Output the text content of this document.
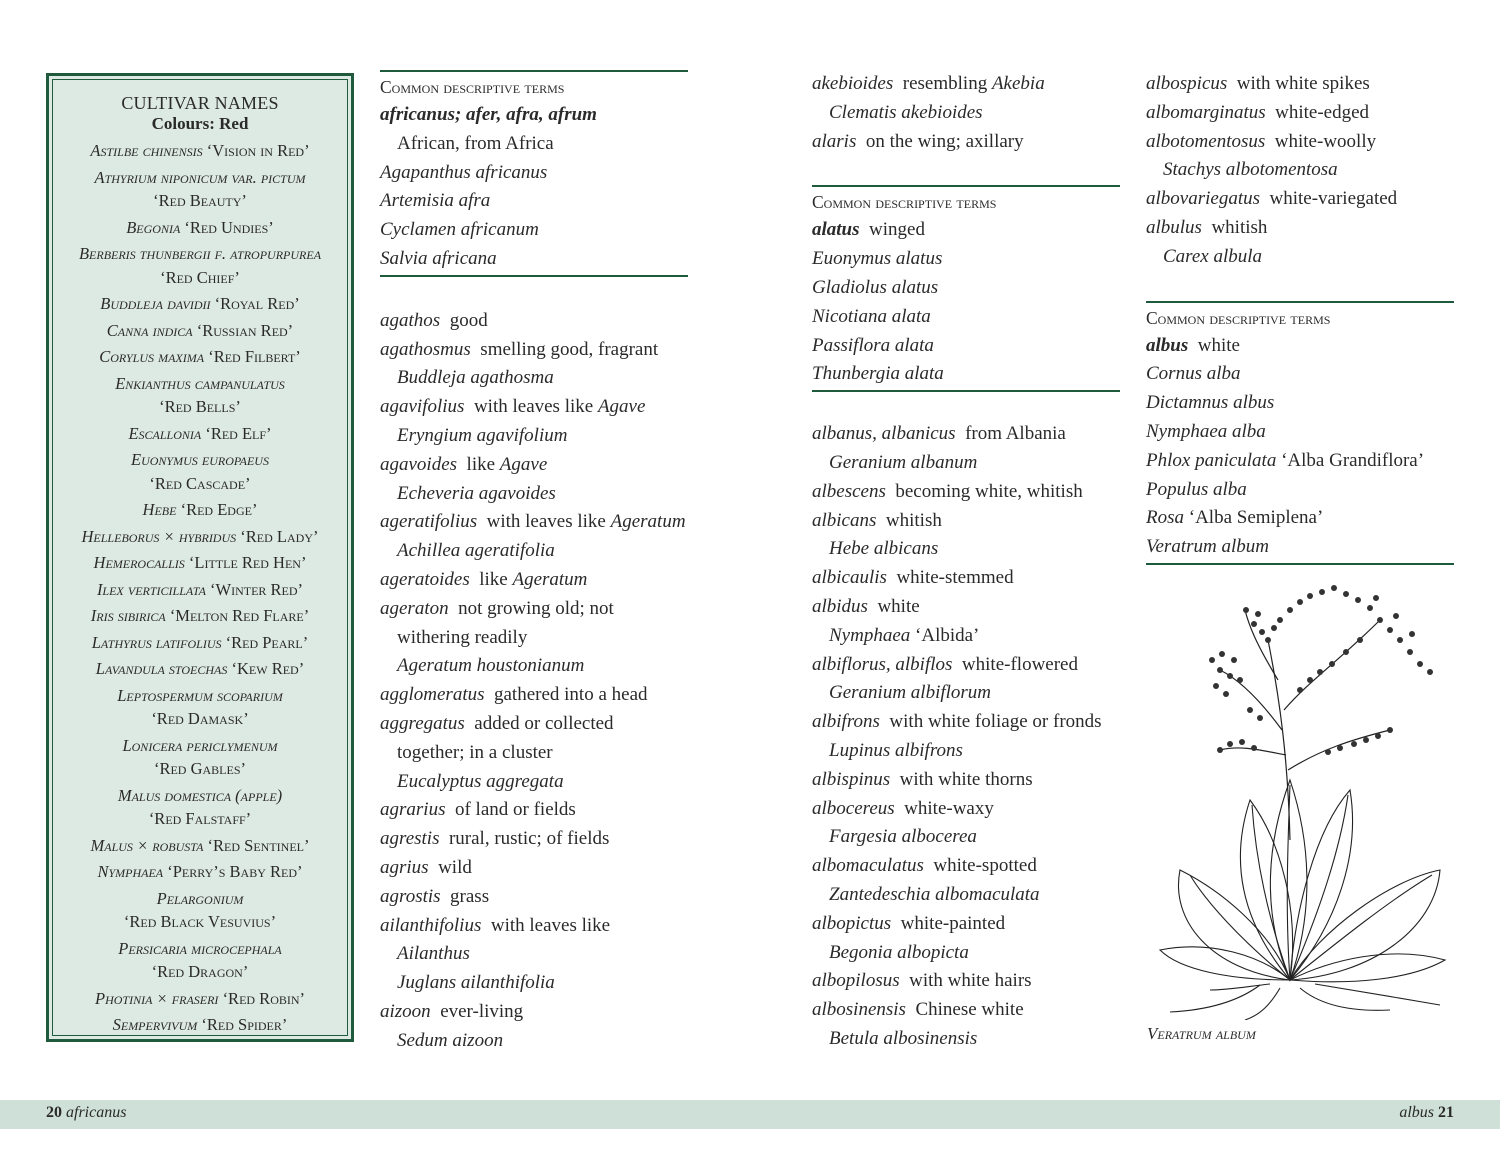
CULTIVAR NAMES
Colours: Red
Astilbe chinensis ‘Vision in Red’
Athyrium niponicum var. pictum
‘Red Beauty’
Begonia ‘Red Undies’
Berberis thunbergii f. atropurpurea
‘Red Chief’
Buddleja davidii ‘Royal Red’
Canna indica ‘Russian Red’
Corylus maxima ‘Red Filbert’
Enkianthus campanulatus
‘Red Bells’
Escallonia ‘Red Elf’
Euonymus europaeus
‘Red Cascade’
Hebe ‘Red Edge’
Helleborus × hybridus ‘Red Lady’
Hemerocallis ‘Little Red Hen’
Ilex verticillata ‘Winter Red’
Iris sibirica ‘Melton Red Flare’
Lathyrus latifolius ‘Red Pearl’
Lavandula stoechas ‘Kew Red’
Leptospermum scoparium
‘Red Damask’
Lonicera periclymenum
‘Red Gables’
Malus domestica (apple)
‘Red Falstaff’
Malus × robusta ‘Red Sentinel’
Nymphaea ‘Perry’s Baby Red’
Pelargonium
‘Red Black Vesuvius’
Persicaria microcephala
‘Red Dragon’
Photinia × fraseri ‘Red Robin’
Sempervivum ‘Red Spider’
Common descriptive terms
africanus; afer, afra, afrum
African, from Africa
Agapanthus africanus
Artemisia afra
Cyclamen africanum
Salvia africana
agathos  good
agathosmus  smelling good, fragrant
Buddleja agathosma
agavifolius  with leaves like Agave
Eryngium agavifolium
agavoides  like Agave
Echeveria agavoides
ageratifolius  with leaves like Ageratum
Achillea ageratifolia
ageratoides  like Ageratum
ageraton  not growing old; not
withering readily
Ageratum houstonianum
agglomeratus  gathered into a head
aggregatus  added or collected
together; in a cluster
Eucalyptus aggregata
agrarius  of land or fields
agrestis  rural, rustic; of fields
agrius  wild
agrostis  grass
ailanthifolius  with leaves like
Ailanthus
Juglans ailanthifolia
aizoon  ever-living
Sedum aizoon
akebioides  resembling Akebia
Clematis akebioides
alaris  on the wing; axillary
Common descriptive terms
alatus  winged
Euonymus alatus
Gladiolus alatus
Nicotiana alata
Passiflora alata
Thunbergia alata
albanus, albanicus  from Albania
Geranium albanum
albescens  becoming white, whitish
albicans  whitish
Hebe albicans
albicaulis  white-stemmed
albidus  white
Nymphaea ‘Albida’
albiflorus, albiflos  white-flowered
Geranium albiflorum
albifrons  with white foliage or fronds
Lupinus albifrons
albispinus  with white thorns
albocereus  white-waxy
Fargesia albocerea
albomaculatus  white-spotted
Zantedeschia albomaculata
albopictus  white-painted
Begonia albopicta
albopilosus  with white hairs
albosinensis  Chinese white
Betula albosinensis
albospicus  with white spikes
albomarginatus  white-edged
albotomentosus  white-woolly
Stachys albotomentosa
albovariegatus  white-variegated
albulus  whitish
Carex albula
Common descriptive terms
albus  white
Cornus alba
Dictamnus albus
Nymphaea alba
Phlox paniculata ‘Alba Grandiflora’
Populus alba
Rosa ‘Alba Semiplena’
Veratrum album
Veratrum album
20 africanus	albus 21
